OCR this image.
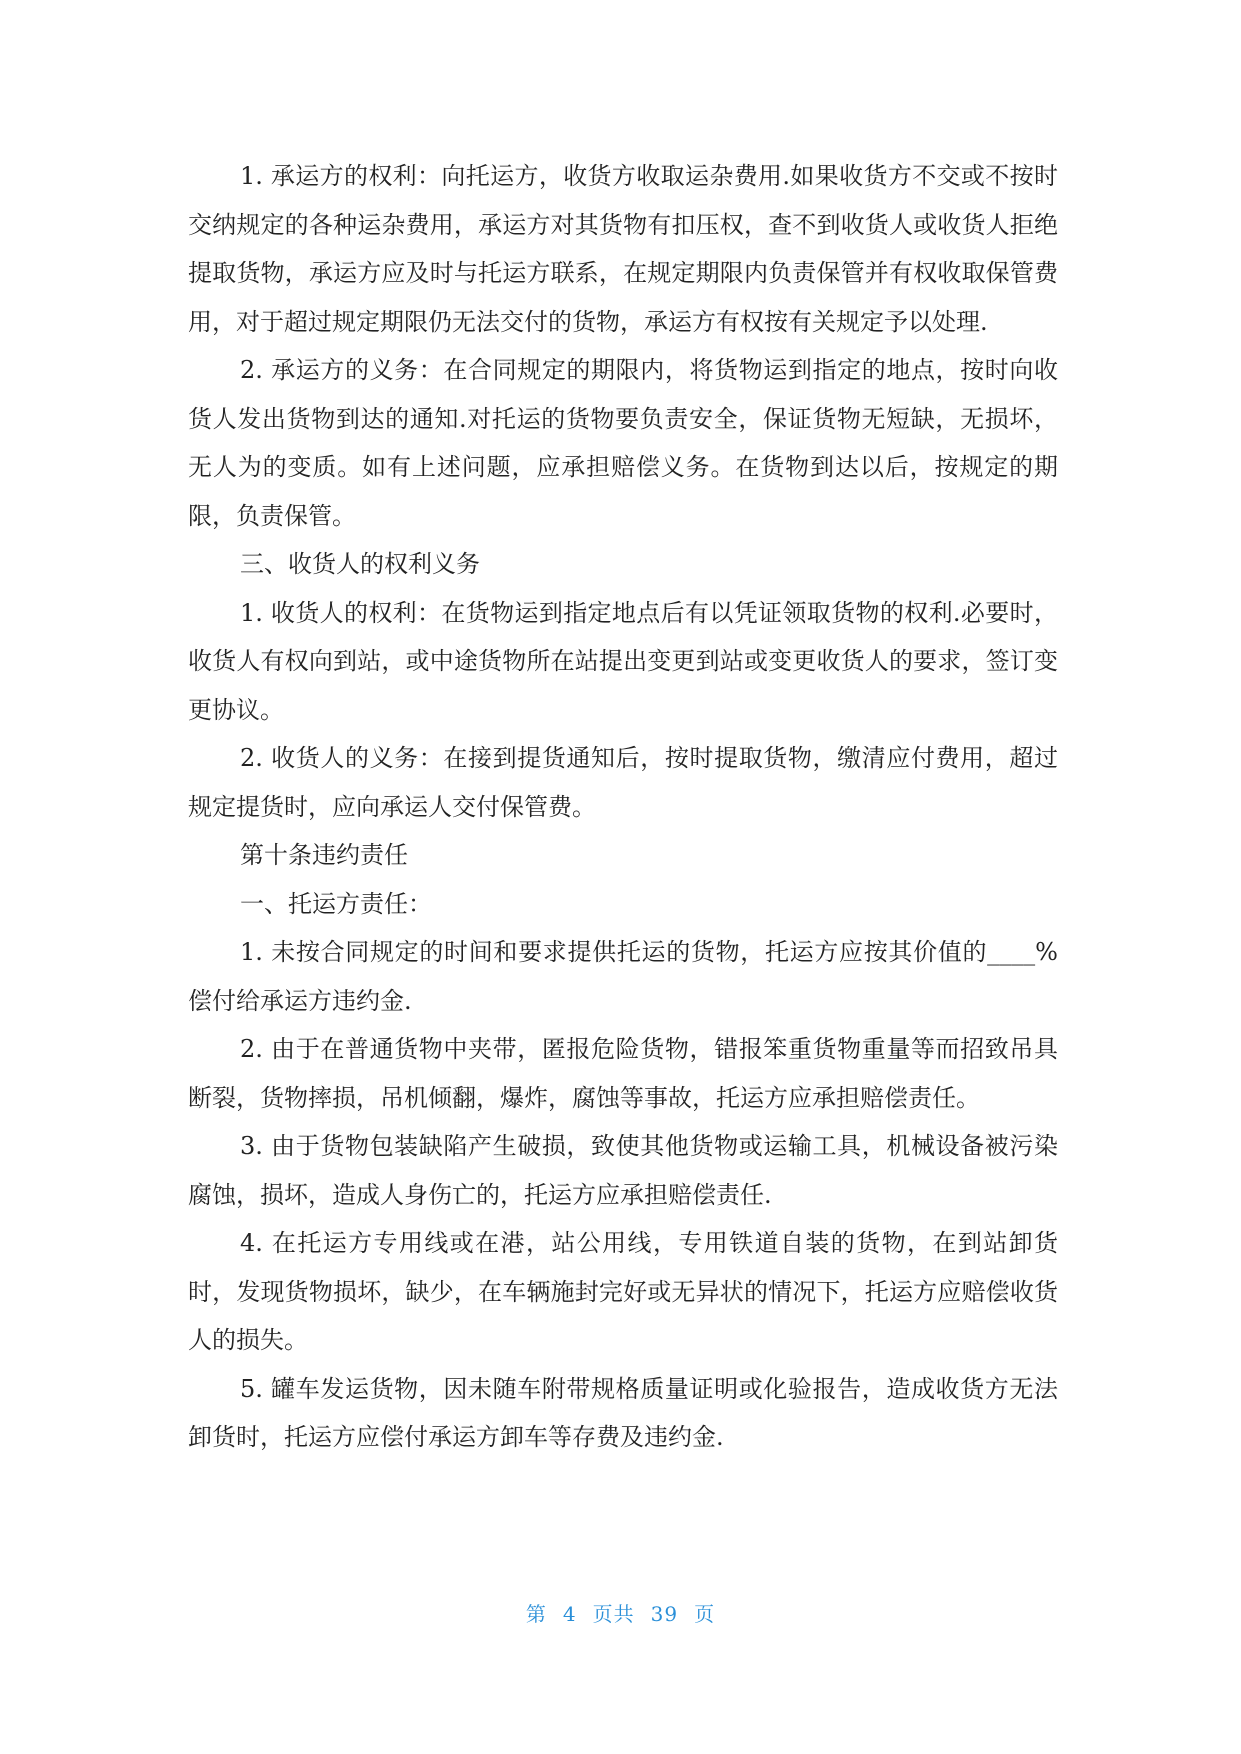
1. 承运方的权利：向托运方，收货方收取运杂费用.如果收货方不交或不按时交纳规定的各种运杂费用，承运方对其货物有扣压权，查不到收货人或收货人拒绝提取货物，承运方应及时与托运方联系，在规定期限内负责保管并有权收取保管费用，对于超过规定期限仍无法交付的货物，承运方有权按有关规定予以处理.

2. 承运方的义务：在合同规定的期限内，将货物运到指定的地点，按时向收货人发出货物到达的通知.对托运的货物要负责安全，保证货物无短缺，无损坏，无人为的变质。如有上述问题，应承担赔偿义务。在货物到达以后，按规定的期限，负责保管。

三、收货人的权利义务

1. 收货人的权利：在货物运到指定地点后有以凭证领取货物的权利.必要时，收货人有权向到站，或中途货物所在站提出变更到站或变更收货人的要求，签订变更协议。

2. 收货人的义务：在接到提货通知后，按时提取货物，缴清应付费用，超过规定提货时，应向承运人交付保管费。

第十条违约责任

一、托运方责任：

1. 未按合同规定的时间和要求提供托运的货物，托运方应按其价值的____%偿付给承运方违约金.

2. 由于在普通货物中夹带，匿报危险货物，错报笨重货物重量等而招致吊具断裂，货物摔损，吊机倾翻，爆炸，腐蚀等事故，托运方应承担赔偿责任。

3. 由于货物包装缺陷产生破损，致使其他货物或运输工具，机械设备被污染腐蚀，损坏，造成人身伤亡的，托运方应承担赔偿责任.

4. 在托运方专用线或在港，站公用线，专用铁道自装的货物，在到站卸货时，发现货物损坏，缺少，在车辆施封完好或无异状的情况下，托运方应赔偿收货人的损失。

5. 罐车发运货物，因未随车附带规格质量证明或化验报告，造成收货方无法卸货时，托运方应偿付承运方卸车等存费及违约金.

第 4 页共 39 页
